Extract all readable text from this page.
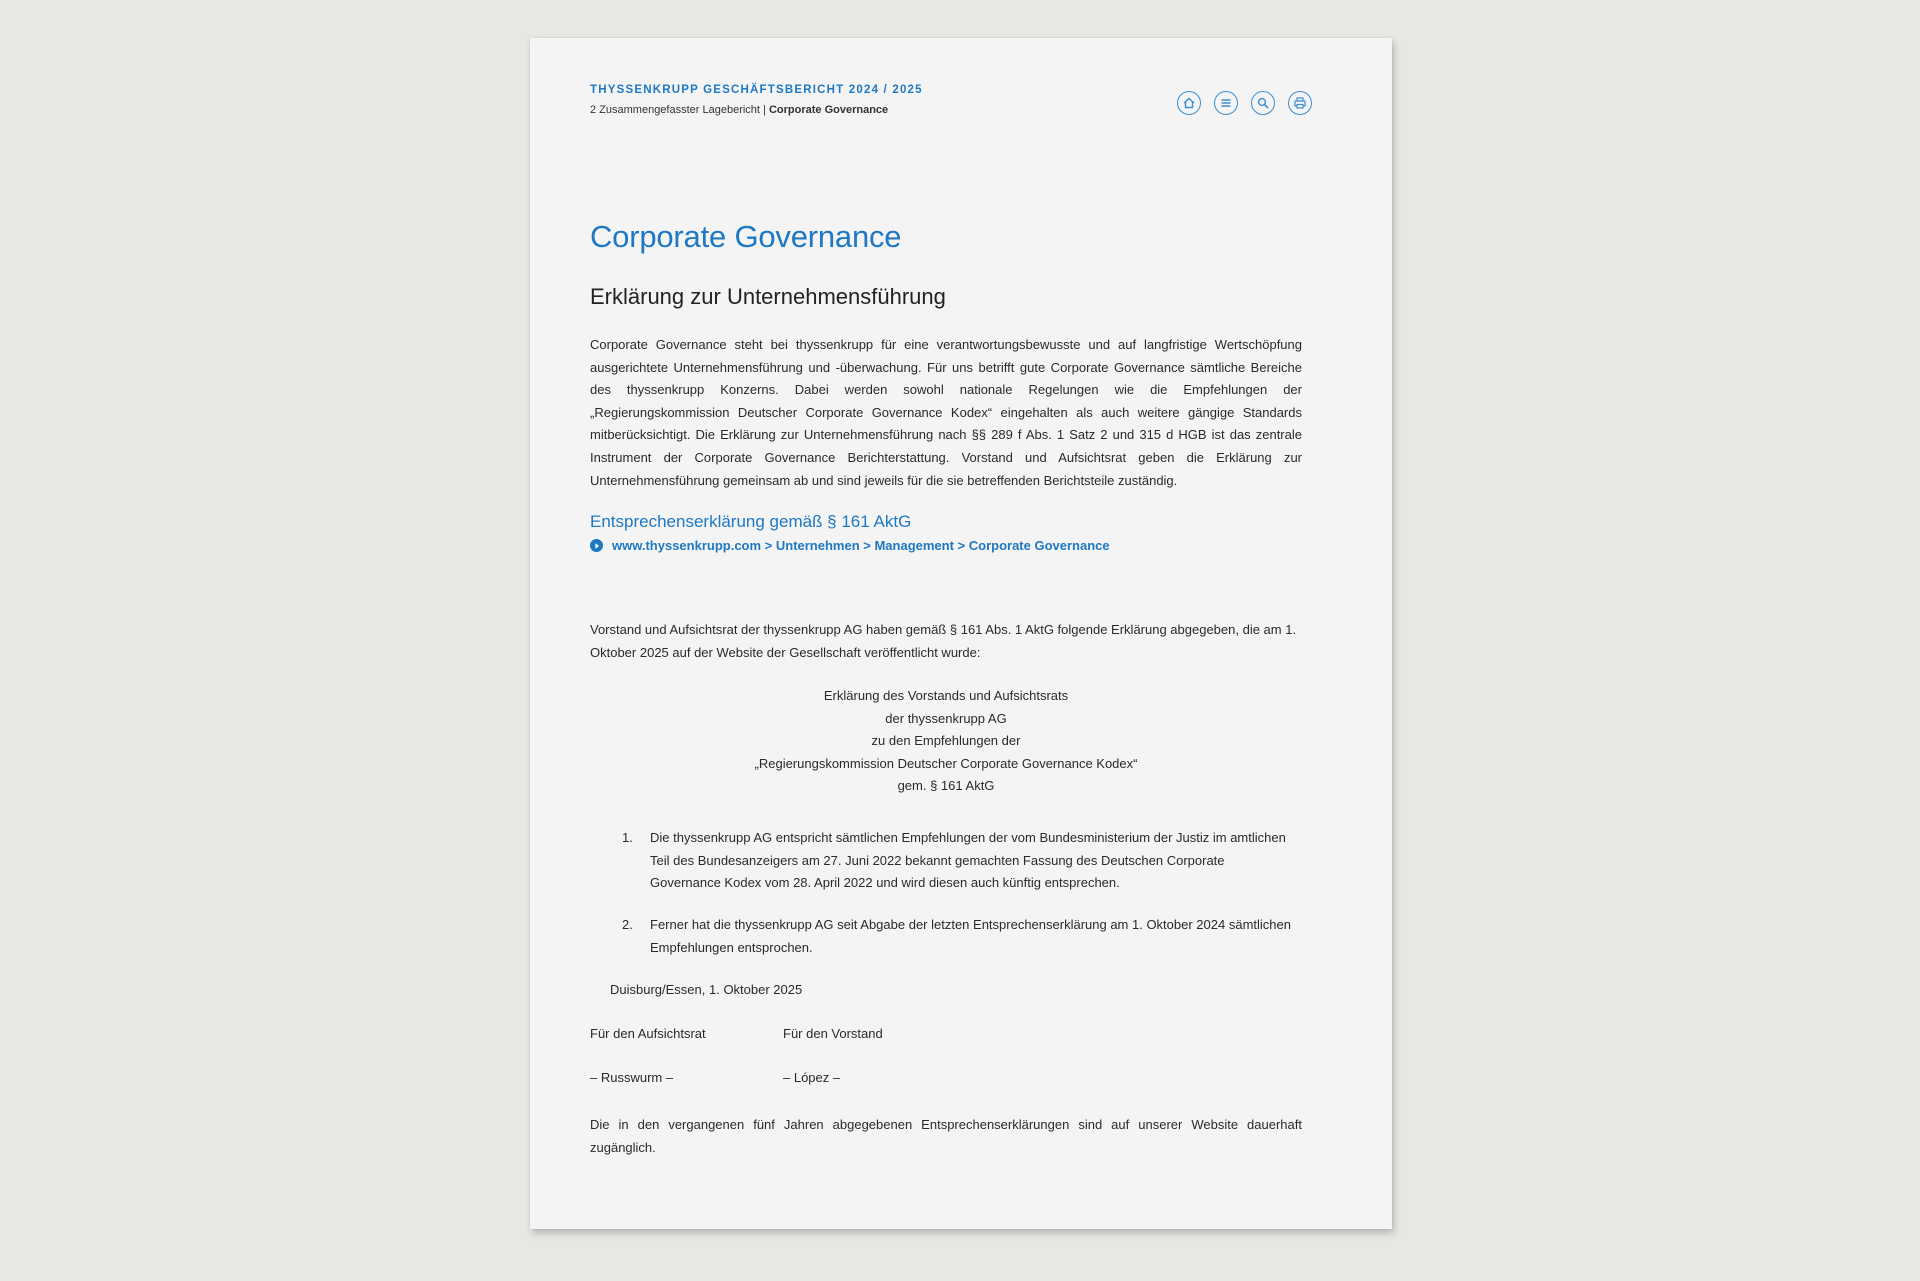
THYSSENKRUPP GESCHÄFTSBERICHT 2024 / 2025
2 Zusammengefasster Lagebericht | Corporate Governance
Corporate Governance
Erklärung zur Unternehmensführung
Corporate Governance steht bei thyssenkrupp für eine verantwortungsbewusste und auf langfristige Wertschöpfung ausgerichtete Unternehmensführung und -überwachung. Für uns betrifft gute Corporate Governance sämtliche Bereiche des thyssenkrupp Konzerns. Dabei werden sowohl nationale Regelungen wie die Empfehlungen der „Regierungskommission Deutscher Corporate Governance Kodex“ eingehalten als auch weitere gängige Standards mitberücksichtigt. Die Erklärung zur Unternehmensführung nach §§ 289 f Abs. 1 Satz 2 und 315 d HGB ist das zentrale Instrument der Corporate Governance Berichterstattung. Vorstand und Aufsichtsrat geben die Erklärung zur Unternehmensführung gemeinsam ab und sind jeweils für die sie betreffenden Berichtsteile zuständig.
Entsprechenserklärung gemäß § 161 AktG
www.thyssenkrupp.com > Unternehmen > Management > Corporate Governance
Vorstand und Aufsichtsrat der thyssenkrupp AG haben gemäß § 161 Abs. 1 AktG folgende Erklärung abgegeben, die am 1. Oktober 2025 auf der Website der Gesellschaft veröffentlicht wurde:
Erklärung des Vorstands und Aufsichtsrats
der thyssenkrupp AG
zu den Empfehlungen der
„Regierungskommission Deutscher Corporate Governance Kodex“
gem. § 161 AktG
1.	Die thyssenkrupp AG entspricht sämtlichen Empfehlungen der vom Bundesministerium der Justiz im amtlichen Teil des Bundesanzeigers am 27. Juni 2022 bekannt gemachten Fassung des Deutschen Corporate Governance Kodex vom 28. April 2022 und wird diesen auch künftig entsprechen.
2.	Ferner hat die thyssenkrupp AG seit Abgabe der letzten Entsprechenserklärung am 1. Oktober 2024 sämtlichen Empfehlungen entsprochen.
Duisburg/Essen, 1. Oktober 2025
Für den Aufsichtsrat	Für den Vorstand
– Russwurm –	– López –
Die in den vergangenen fünf Jahren abgegebenen Entsprechenserklärungen sind auf unserer Website dauerhaft zugänglich.
